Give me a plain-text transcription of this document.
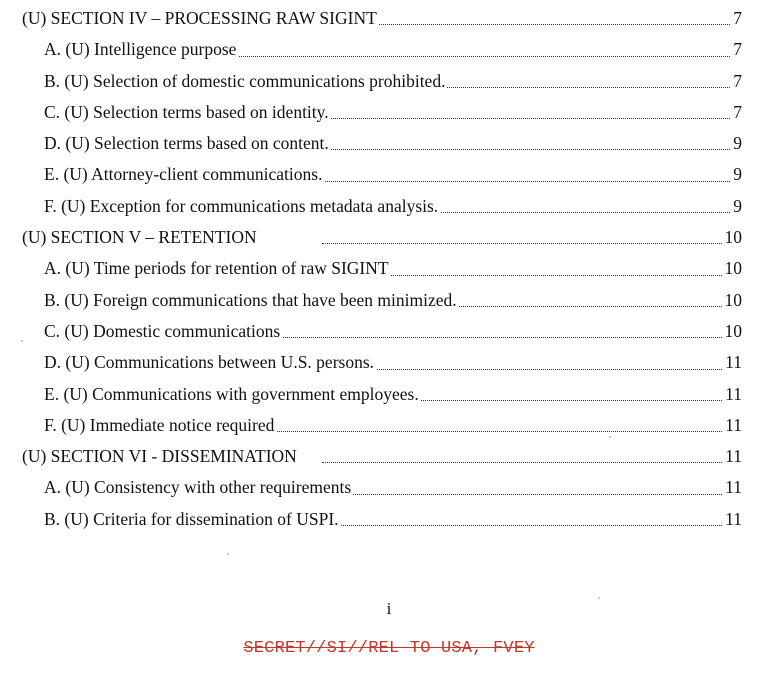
(U) SECTION IV – PROCESSING RAW SIGINT	7
A. (U) Intelligence purpose	7
B. (U) Selection of domestic communications prohibited.	7
C. (U) Selection terms based on identity.	7
D. (U) Selection terms based on content.	9
E. (U) Attorney-client communications.	9
F. (U) Exception for communications metadata analysis.	9
(U) SECTION V – RETENTION	10
A. (U) Time periods for retention of raw SIGINT	10
B. (U) Foreign communications that have been minimized.	10
C. (U) Domestic communications	10
D. (U) Communications between U.S. persons.	11
E. (U) Communications with government employees.	11
F. (U) Immediate notice required	11
(U) SECTION VI - DISSEMINATION	11
A. (U) Consistency with other requirements	11
B. (U) Criteria for dissemination of USPI.	11
i
SECRET//SI//REL TO USA, FVEY
